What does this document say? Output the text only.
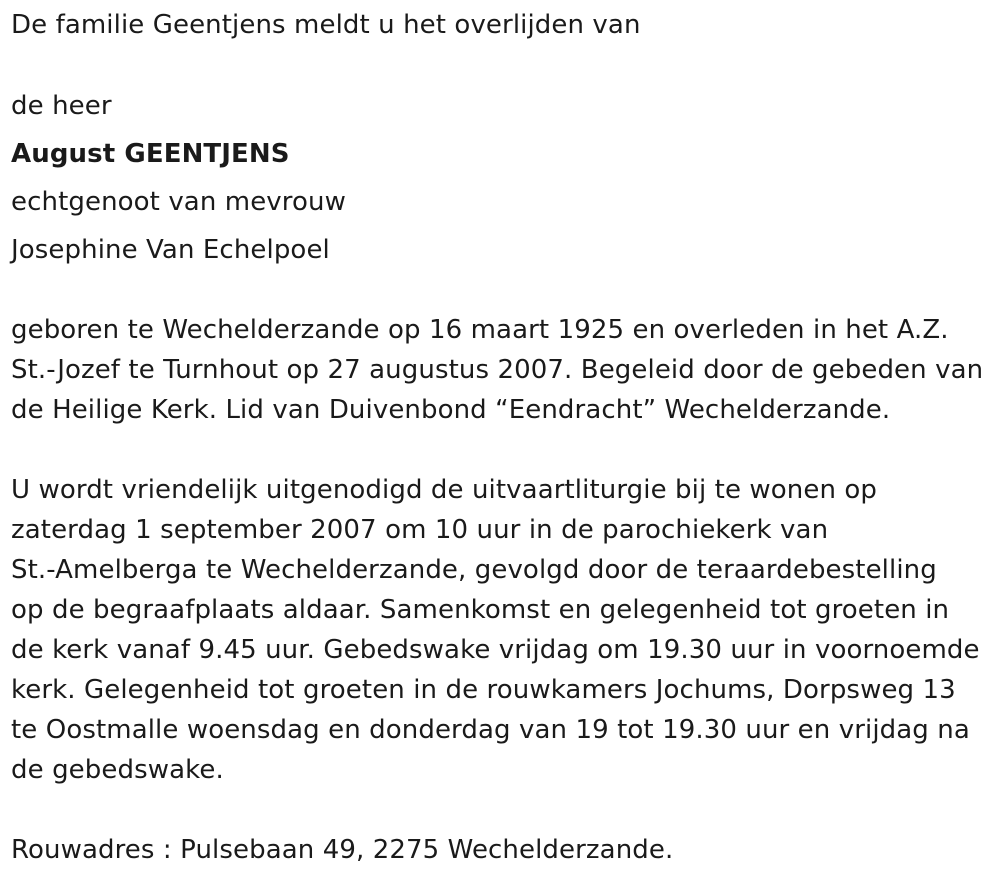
De familie Geentjens meldt u het overlijden van
de heer
August GEENTJENS
echtgenoot van mevrouw
Josephine Van Echelpoel
geboren te Wechelderzande op 16 maart 1925 en overleden in het A.Z.
St.-Jozef te Turnhout op 27 augustus 2007. Begeleid door de gebeden van
de Heilige Kerk. Lid van Duivenbond “Eendracht” Wechelderzande.
U wordt vriendelijk uitgenodigd de uitvaartliturgie bij te wonen op
zaterdag 1 september 2007 om 10 uur in de parochiekerk van
St.-Amelberga te Wechelderzande, gevolgd door de teraardebestelling
op de begraafplaats aldaar. Samenkomst en gelegenheid tot groeten in
de kerk vanaf 9.45 uur. Gebedswake vrijdag om 19.30 uur in voornoemde
kerk. Gelegenheid tot groeten in de rouwkamers Jochums, Dorpsweg 13
te Oostmalle woensdag en donderdag van 19 tot 19.30 uur en vrijdag na
de gebedswake.
Rouwadres : Pulsebaan 49, 2275 Wechelderzande.
